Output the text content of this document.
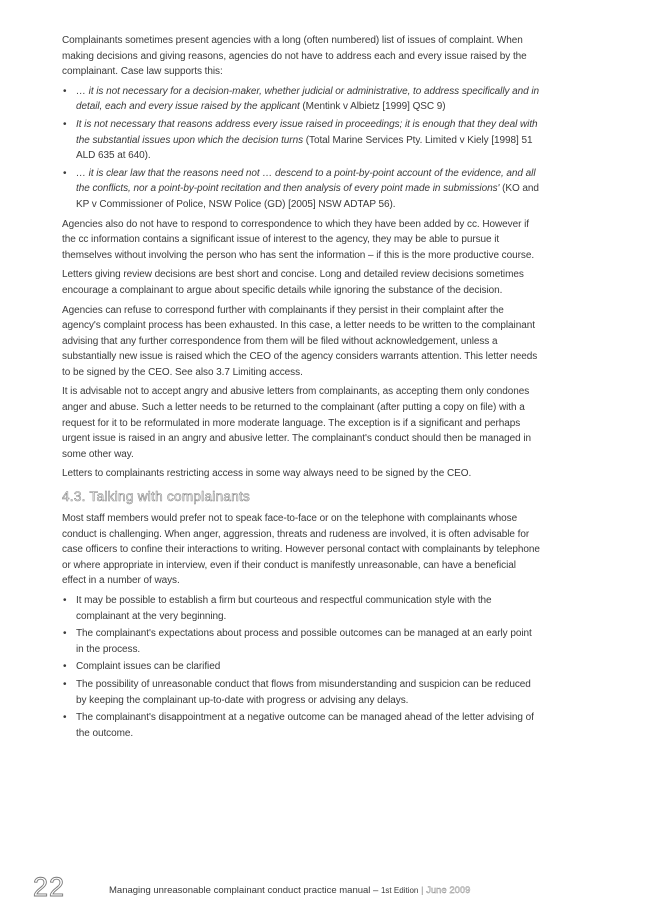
Complainants sometimes present agencies with a long (often numbered) list of issues of complaint. When making decisions and giving reasons, agencies do not have to address each and every issue raised by the complainant. Case law supports this:

• … it is not necessary for a decision-maker, whether judicial or administrative, to address specifically and in detail, each and every issue raised by the applicant (Mentink v Albietz [1999] QSC 9)
• It is not necessary that reasons address every issue raised in proceedings; it is enough that they deal with the substantial issues upon which the decision turns (Total Marine Services Pty. Limited v Kiely [1998] 51 ALD 635 at 640).
• … it is clear law that the reasons need not … descend to a point-by-point account of the evidence, and all the conflicts, nor a point-by-point recitation and then analysis of every point made in submissions' (KO and KP v Commissioner of Police, NSW Police (GD) [2005] NSW ADTAP 56).

Agencies also do not have to respond to correspondence to which they have been added by cc. However if the cc information contains a significant issue of interest to the agency, they may be able to pursue it themselves without involving the person who has sent the information – if this is the more productive course.

Letters giving review decisions are best short and concise. Long and detailed review decisions sometimes encourage a complainant to argue about specific details while ignoring the substance of the decision.

Agencies can refuse to correspond further with complainants if they persist in their complaint after the agency's complaint process has been exhausted. In this case, a letter needs to be written to the complainant advising that any further correspondence from them will be filed without acknowledgement, unless a substantially new issue is raised which the CEO of the agency considers warrants attention. This letter needs to be signed by the CEO. See also 3.7 Limiting access.

It is advisable not to accept angry and abusive letters from complainants, as accepting them only condones anger and abuse. Such a letter needs to be returned to the complainant (after putting a copy on file) with a request for it to be reformulated in more moderate language. The exception is if a significant and perhaps urgent issue is raised in an angry and abusive letter. The complainant's conduct should then be managed in some other way.

Letters to complainants restricting access in some way always need to be signed by the CEO.

4.3. Talking with complainants

Most staff members would prefer not to speak face-to-face or on the telephone with complainants whose conduct is challenging. When anger, aggression, threats and rudeness are involved, it is often advisable for case officers to confine their interactions to writing. However personal contact with complainants by telephone or where appropriate in interview, even if their conduct is manifestly unreasonable, can have a beneficial effect in a number of ways.

• It may be possible to establish a firm but courteous and respectful communication style with the complainant at the very beginning.
• The complainant's expectations about process and possible outcomes can be managed at an early point in the process.
• Complaint issues can be clarified
• The possibility of unreasonable conduct that flows from misunderstanding and suspicion can be reduced by keeping the complainant up-to-date with progress or advising any delays.
• The complainant's disappointment at a negative outcome can be managed ahead of the letter advising of the outcome.
22	Managing unreasonable complainant conduct practice manual – 1st Edition | June 2009
